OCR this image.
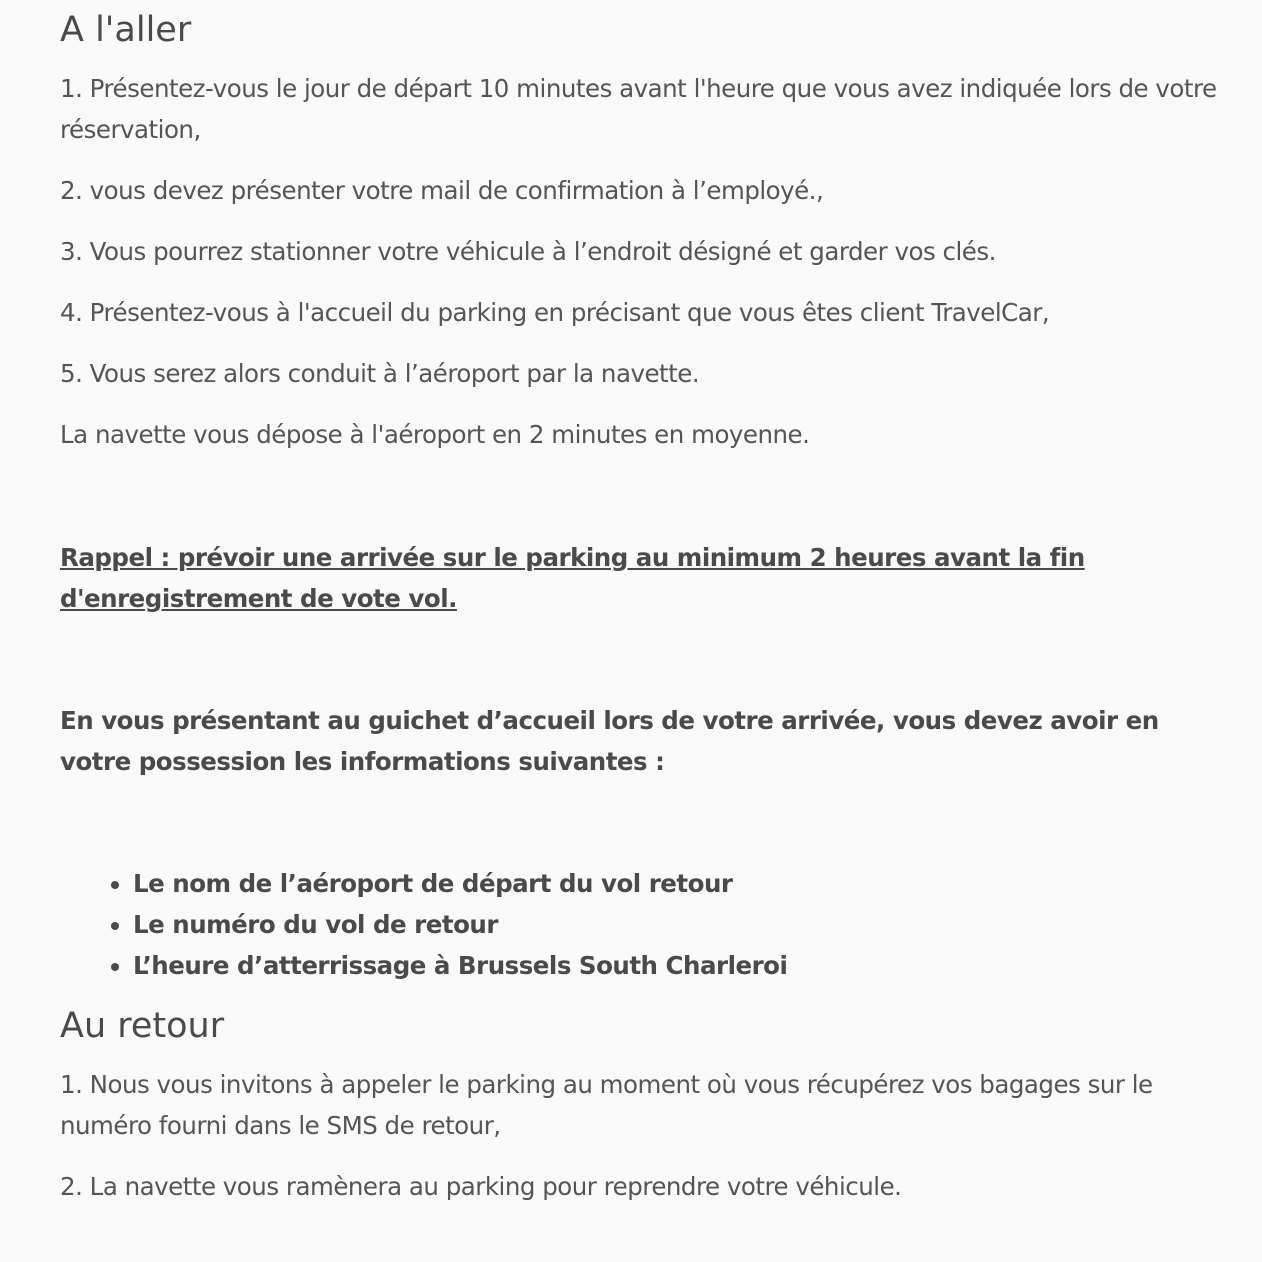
A l'aller

1. Présentez-vous le jour de départ 10 minutes avant l'heure que vous avez indiquée lors de votre réservation,

2. vous devez présenter votre mail de confirmation à l’employé.,

3. Vous pourrez stationner votre véhicule à l’endroit désigné et garder vos clés.

4. Présentez-vous à l'accueil du parking en précisant que vous êtes client TravelCar,

5. Vous serez alors conduit à l’aéroport par la navette.

La navette vous dépose à l'aéroport en 2 minutes en moyenne.

Rappel : prévoir une arrivée sur le parking au minimum 2 heures avant la fin d'enregistrement de vote vol.

En vous présentant au guichet d’accueil lors de votre arrivée, vous devez avoir en votre possession les informations suivantes :

• Le nom de l’aéroport de départ du vol retour
• Le numéro du vol de retour
• L’heure d’atterrissage à Brussels South Charleroi
Au retour

1. Nous vous invitons à appeler le parking au moment où vous récupérez vos bagages sur le numéro fourni dans le SMS de retour,

2. La navette vous ramènera au parking pour reprendre votre véhicule.
